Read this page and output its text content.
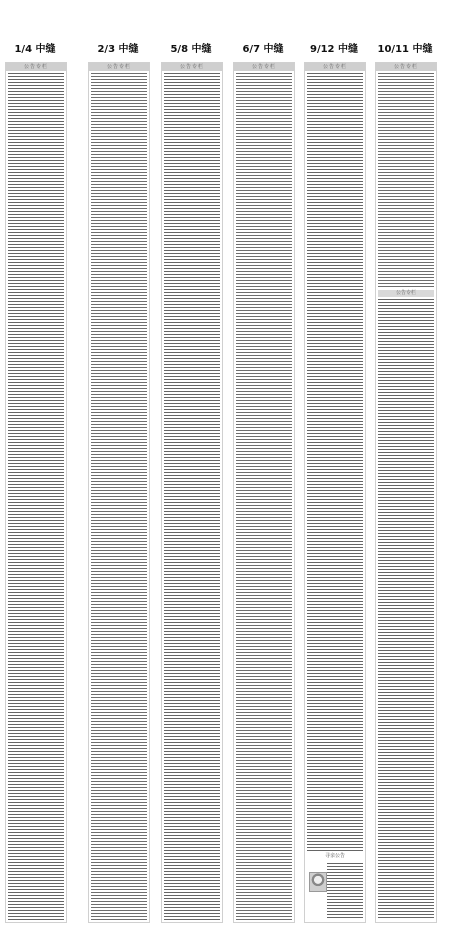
1/4 中缝
公告专栏
2/3 中缝
公告专栏
5/8 中缝
公告专栏
6/7 中缝
公告专栏
9/12 中缝
公告专栏
寻亲公告
10/11 中缝
公告专栏
公告专栏
